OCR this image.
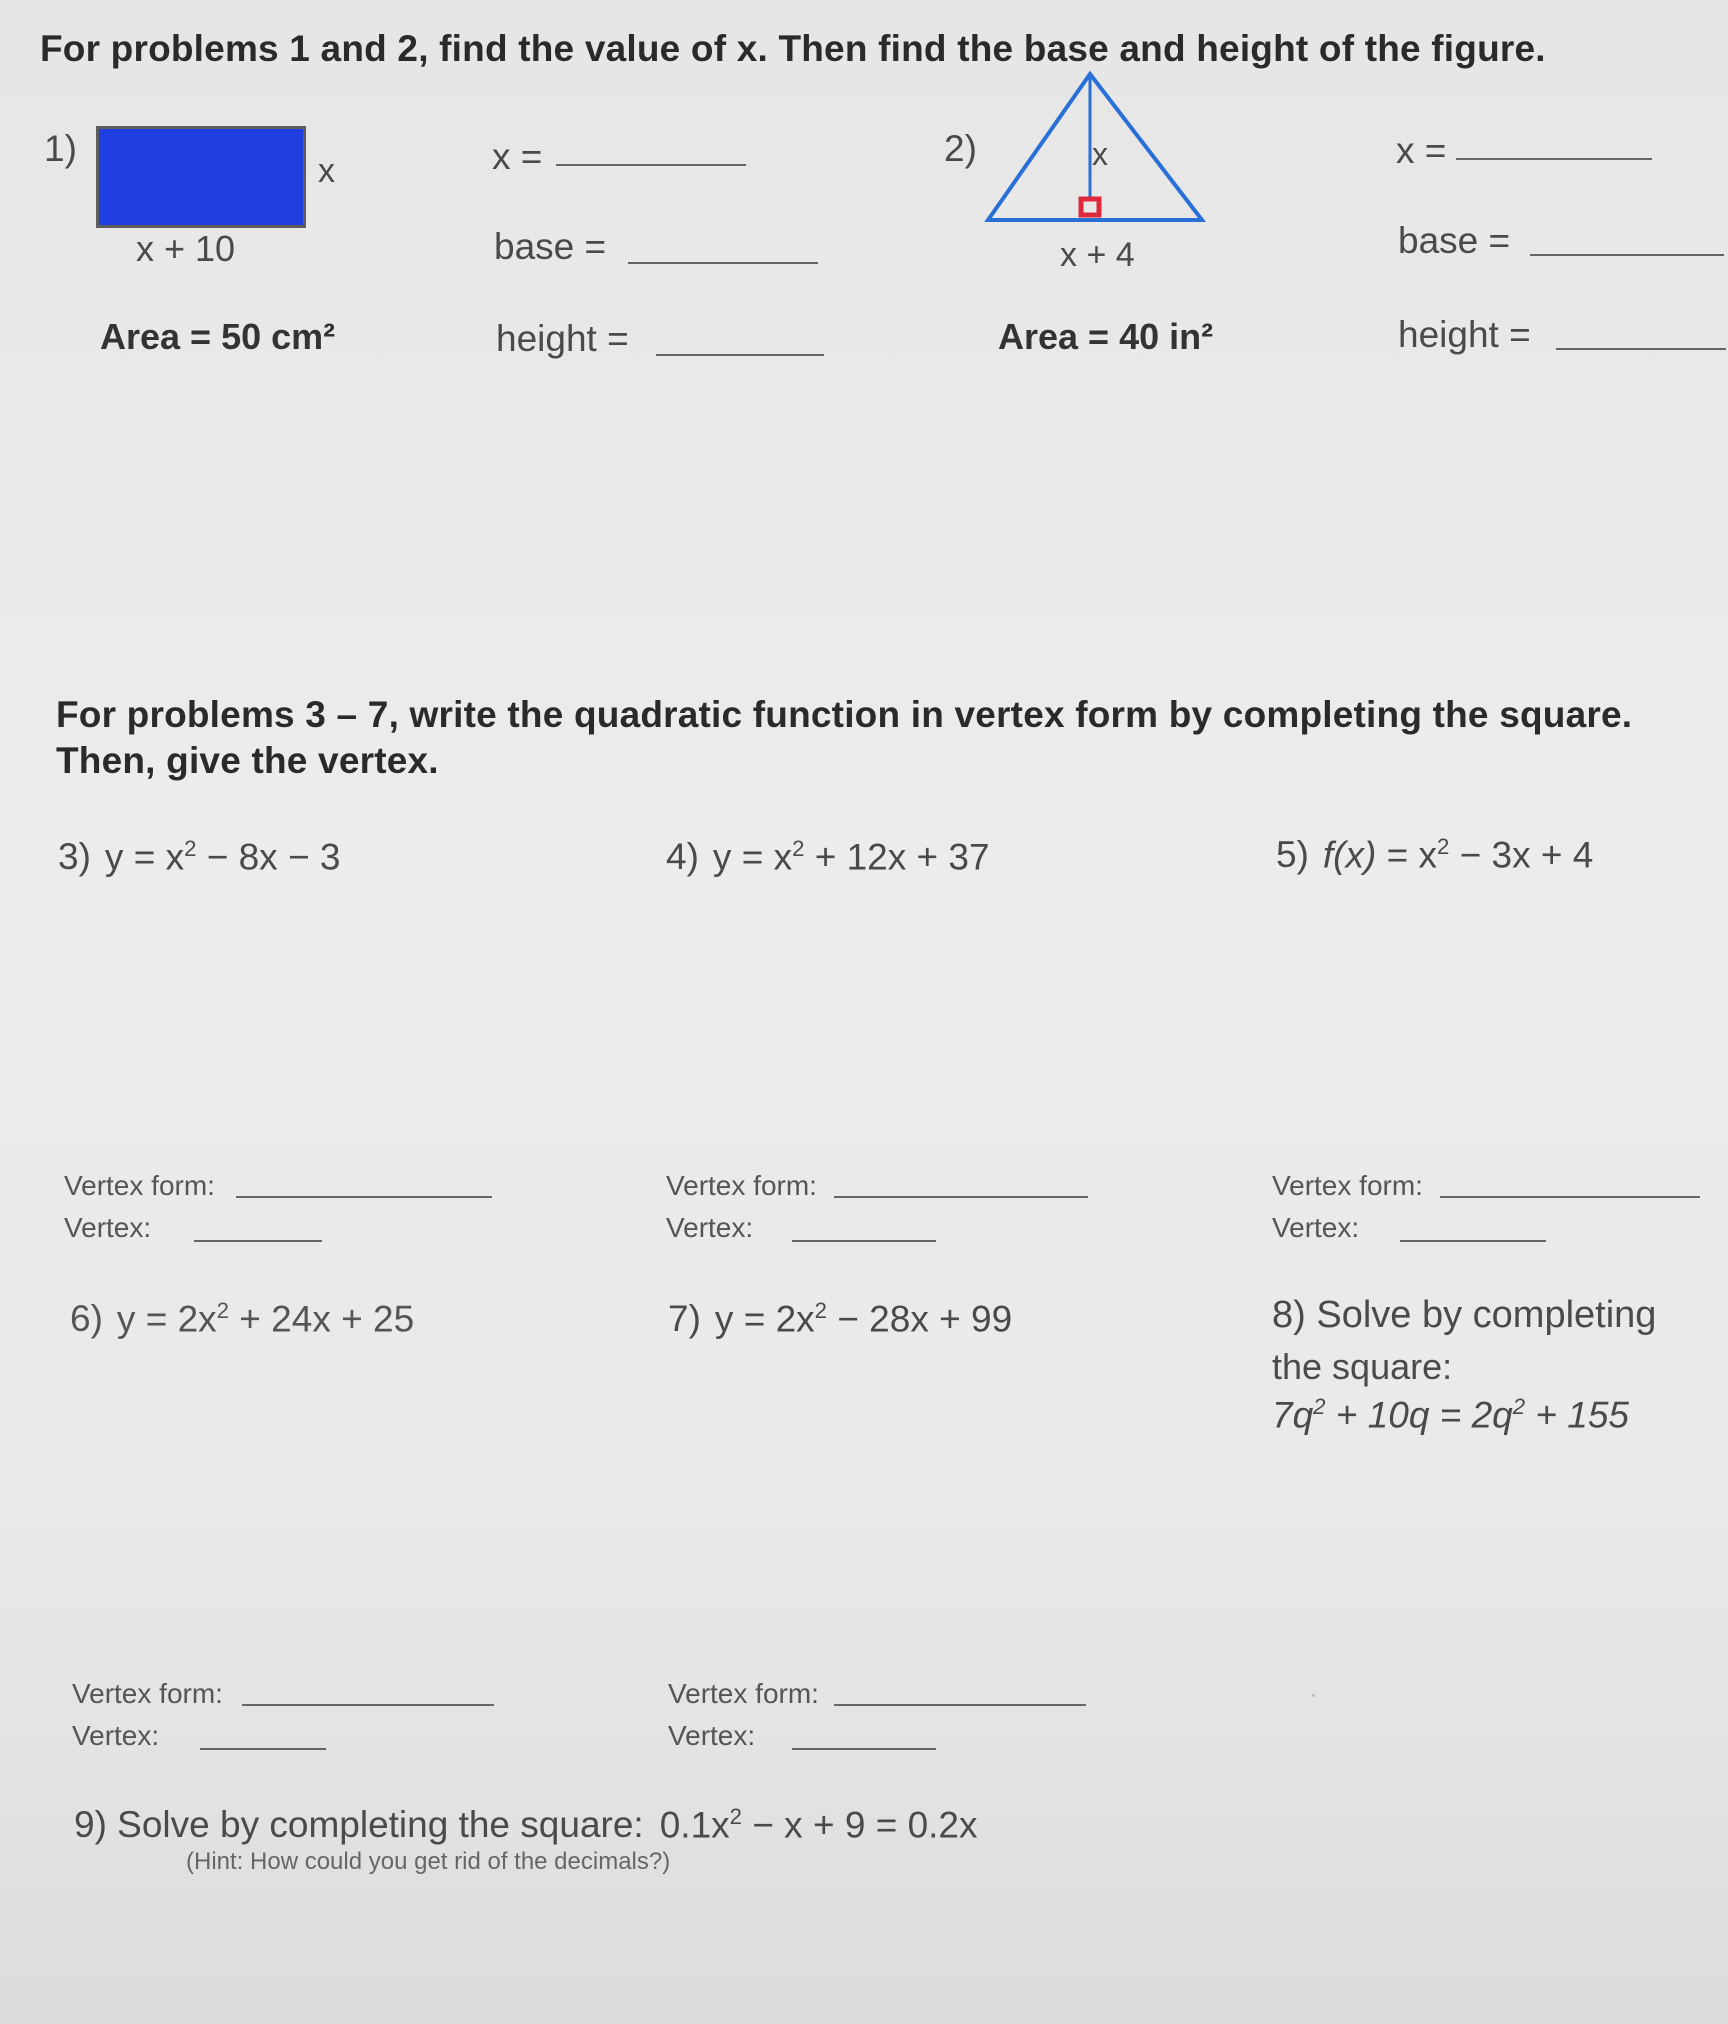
For problems 1 and 2, find the value of x. Then find the base and height of the figure.
1)
x
x + 10
Area = 50 cm²
x =
base =
height =
2)	x
x + 4
Area = 40 in²
x =
base =
height =
For problems 3 – 7, write the quadratic function in vertex form by completing the square.
Then, give the vertex.
3) $y = x^2 - 8x - 3$	4) $y = x^2 + 12x + 37$	5) $f(x) = x^2 - 3x + 4$
Vertex form:
Vertex:
Vertex form:
Vertex:
Vertex form:
Vertex:
6) $y = 2x^2 + 24x + 25$	7) $y = 2x^2 - 28x + 99$	8) Solve by completing
the square:
$7q^2 + 10q = 2q^2 + 155$
Vertex form:
Vertex:
Vertex form:
Vertex:
9) Solve by completing the square: $0.1x^2 - x + 9 = 0.2x$
(Hint: How could you get rid of the decimals?)
